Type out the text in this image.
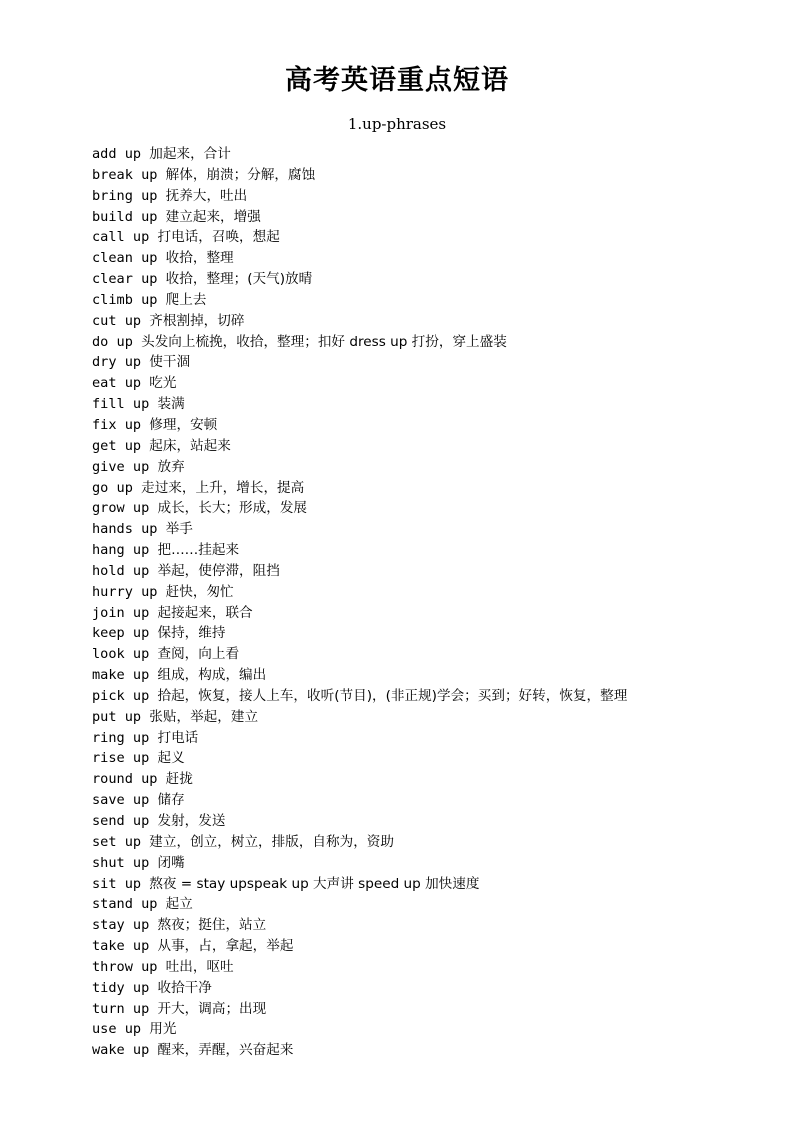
高考英语重点短语
1.up-phrases
add up 加起来，合计
break up 解体，崩溃；分解，腐蚀
bring up 抚养大，吐出
build up 建立起来，增强
call up 打电话，召唤，想起
clean up 收拾，整理
clear up 收拾，整理；(天气)放晴
climb up 爬上去
cut up 齐根割掉，切碎
do up 头发向上梳挽，收拾，整理；扣好 dress up 打扮，穿上盛装
dry up 使干涸
eat up 吃光
fill up 装满
fix up 修理，安顿
get up 起床，站起来
give up 放弃
go up 走过来，上升，增长，提高
grow up 成长，长大；形成，发展
hands up 举手
hang up 把……挂起来
hold up 举起，使停滞，阻挡
hurry up 赶快，匆忙
join up 起接起来，联合
keep up 保持，维持
look up 查阅，向上看
make up 组成，构成，编出
pick up 拾起，恢复，接人上车，收听(节目)，(非正规)学会；买到；好转，恢复，整理
put up 张贴，举起，建立
ring up 打电话
rise up 起义
round up 赶拢
save up 储存
send up 发射，发送
set up 建立，创立，树立，排版，自称为，资助
shut up 闭嘴
sit up 熬夜 = stay upspeak up 大声讲 speed up 加快速度
stand up 起立
stay up 熬夜；挺住，站立
take up 从事，占，拿起，举起
throw up 吐出，呕吐
tidy up 收拾干净
turn up 开大，调高；出现
use up 用光
wake up 醒来，弄醒，兴奋起来
